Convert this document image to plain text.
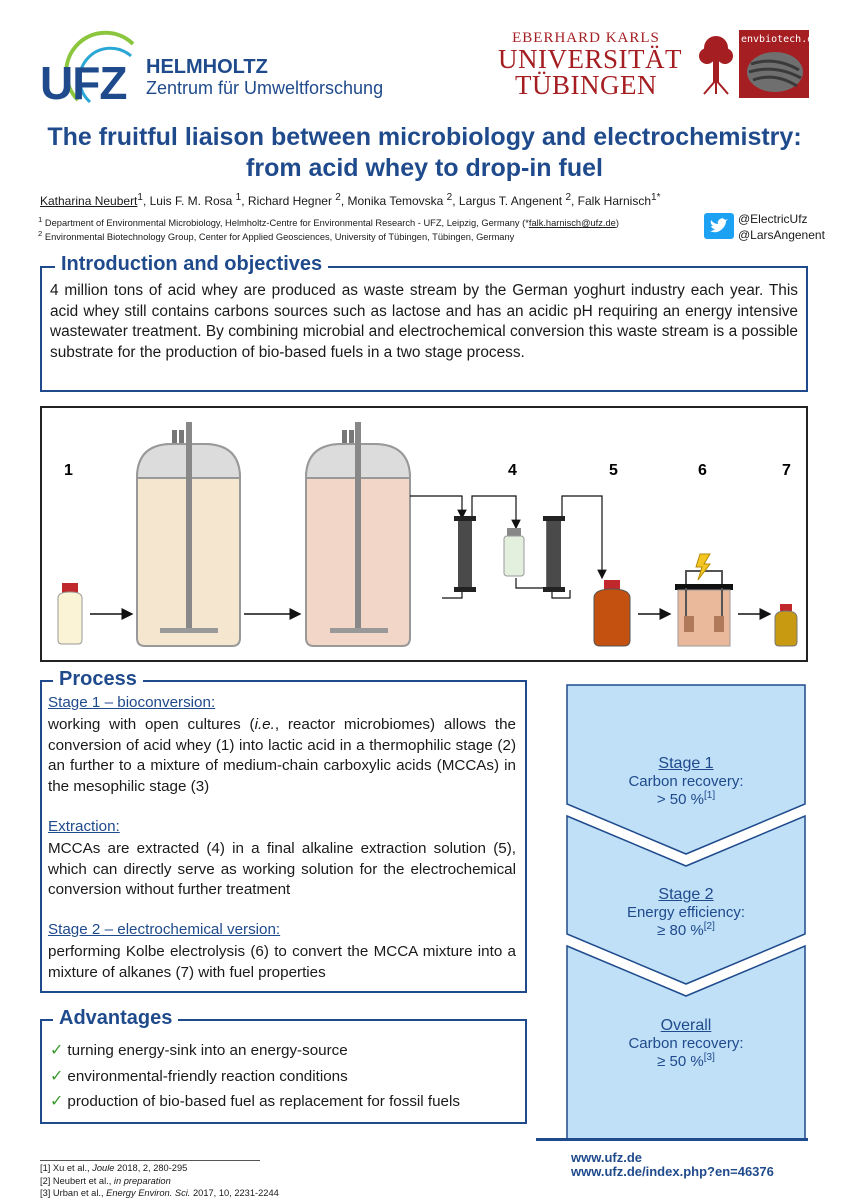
UFZ HELMHOLTZ
Zentrum für Umweltforschung
EBERHARD KARLS
UNIVERSITÄT
TÜBINGEN
envbiotech.de
The fruitful liaison between microbiology and electrochemistry:
from acid whey to drop-in fuel
Katharina Neubert$^1$, Luis F. M. Rosa $^1$, Richard Hegner $^2$, Monika Temovska $^2$, Largus T. Angenent $^2$, Falk Harnisch$^{1*}$
$^1$ Department of Environmental Microbiology, Helmholtz-Centre for Environmental Research - UFZ, Leipzig, Germany (*falk.harnisch@ufz.de)
$^2$ Environmental Biotechnology Group, Center for Applied Geosciences, University of Tübingen, Tübingen, Germany
@ElectricUfz
@LarsAngenent
Introduction and objectives
4 million tons of acid whey are produced as waste stream by the German yoghurt industry each year. This acid whey still contains carbons sources such as lactose and has an acidic pH requiring an energy intensive wastewater treatment. By combining microbial and electrochemical conversion this waste stream is a possible substrate for the production of bio-based fuels in a two stage process.
1	4	5	6	7
Process
Stage 1 – bioconversion:
working with open cultures (i.e., reactor microbiomes) allows the conversion of acid whey (1) into lactic acid in a thermophilic stage (2) an further to a mixture of medium-chain carboxylic acids (MCCAs) in the mesophilic stage (3)
Extraction:
MCCAs are extracted (4) in a final alkaline extraction solution (5), which can directly serve as working solution for the electrochemical conversion without further treatment
Stage 2 – electrochemical version:
performing Kolbe electrolysis (6) to convert the MCCA mixture into a mixture of alkanes (7) with fuel properties
Advantages
✓ turning energy-sink into an energy-source
✓ environmental-friendly reaction conditions
✓ production of bio-based fuel as replacement for fossil fuels
Stage 1
Carbon recovery:
> 50 %[1]
Stage 2
Energy efficiency:
≥ 80 %[2]
Overall
Carbon recovery:
≥ 50 %[3]
[1] Xu et al., Joule 2018, 2, 280-295
[2] Neubert et al., in preparation
[3] Urban et al., Energy Environ. Sci. 2017, 10, 2231-2244
www.ufz.de
www.ufz.de/index.php?en=46376
